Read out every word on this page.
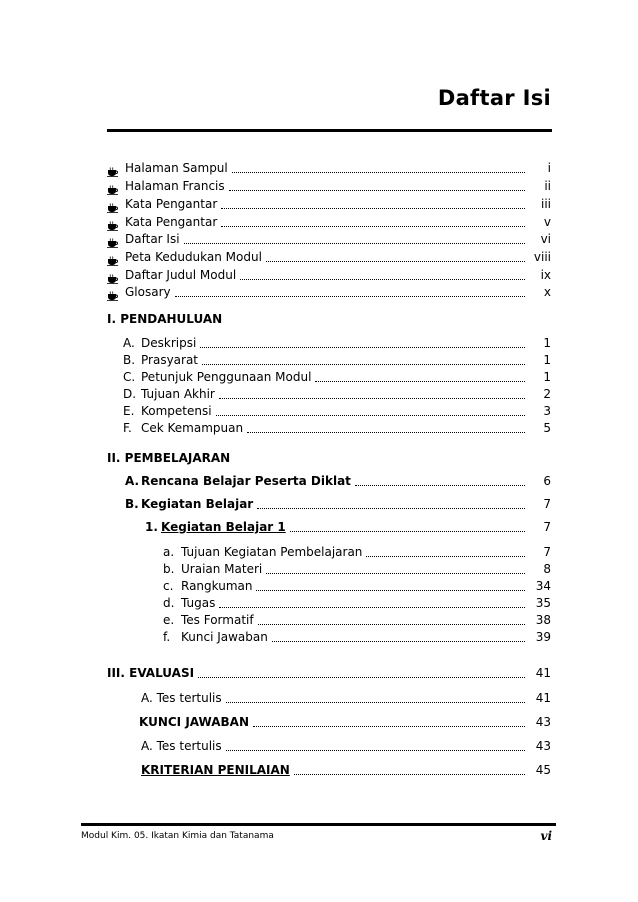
Daftar Isi
Halaman Sampul	i
Halaman Francis	ii
Kata Pengantar	iii
Kata Pengantar	v
Daftar Isi	vi
Peta Kedudukan Modul	viii
Daftar Judul Modul	ix
Glosary	x
I. PENDAHULUAN
A. Deskripsi	1
B. Prasyarat	1
C. Petunjuk Penggunaan Modul	1
D. Tujuan Akhir	2
E. Kompetensi	3
F. Cek Kemampuan	5
II. PEMBELAJARAN
A. Rencana Belajar Peserta Diklat	6
B. Kegiatan Belajar	7
1. Kegiatan Belajar 1	7
a. Tujuan Kegiatan Pembelajaran	7
b. Uraian Materi	8
c. Rangkuman	34
d. Tugas	35
e. Tes Formatif	38
f. Kunci Jawaban	39
III. EVALUASI	41
A. Tes tertulis	41
KUNCI JAWABAN	43
A. Tes tertulis	43
KRITERIAN PENILAIAN	45
Modul Kim. 05. Ikatan Kimia dan Tatanama	vi
